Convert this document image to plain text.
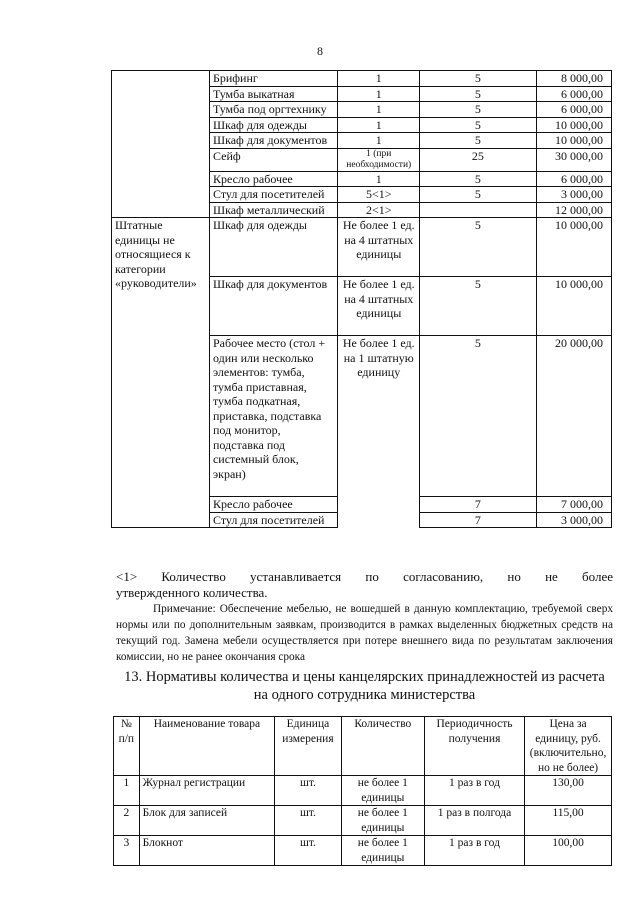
8
	Брифинг	1	5	8 000,00
	Тумба выкатная	1	5	6 000,00
	Тумба под оргтехнику	1	5	6 000,00
	Шкаф для одежды	1	5	10 000,00
	Шкаф для документов	1	5	10 000,00
	Сейф	1 (при необходимости)	25	30 000,00
	Кресло рабочее	1	5	6 000,00
	Стул для посетителей	5<1>	5	3 000,00
	Шкаф металлический	2<1>		12 000,00
Штатные единицы не относящиеся к категории «руководители»	Шкаф для одежды	Не более 1 ед. на 4 штатных единицы	5	10 000,00
	Шкаф для документов	Не более 1 ед. на 4 штатных единицы	5	10 000,00
	Рабочее место (стол + один или несколько элементов: тумба, тумба приставная, тумба подкатная, приставка, подставка под монитор, подставка под системный блок, экран)	Не более 1 ед. на 1 штатную единицу	5	20 000,00
	Кресло рабочее		7	7 000,00
	Стул для посетителей		7	3 000,00
<1> Количество устанавливается по согласованию, но не более
утвержденного количества.
Примечание: Обеспечение мебелью, не вошедшей в данную комплектацию, требуемой сверх нормы или по дополнительным заявкам, производится в рамках выделенных бюджетных средств на текущий год. Замена мебели осуществляется при потере внешнего вида по результатам заключения комиссии, но не ранее окончания срока
13. Нормативы количества и цены канцелярских принадлежностей из расчета на одного сотрудника министерства
№ п/п	Наименование товара	Единица измерения	Количество	Периодичность получения	Цена за единицу, руб. (включительно, но не более)
1	Журнал регистрации	шт.	не более 1 единицы	1 раз в год	130,00
2	Блок для записей	шт.	не более 1 единицы	1 раз в полгода	115,00
3	Блокнот	шт.	не более 1 единицы	1 раз в год	100,00
